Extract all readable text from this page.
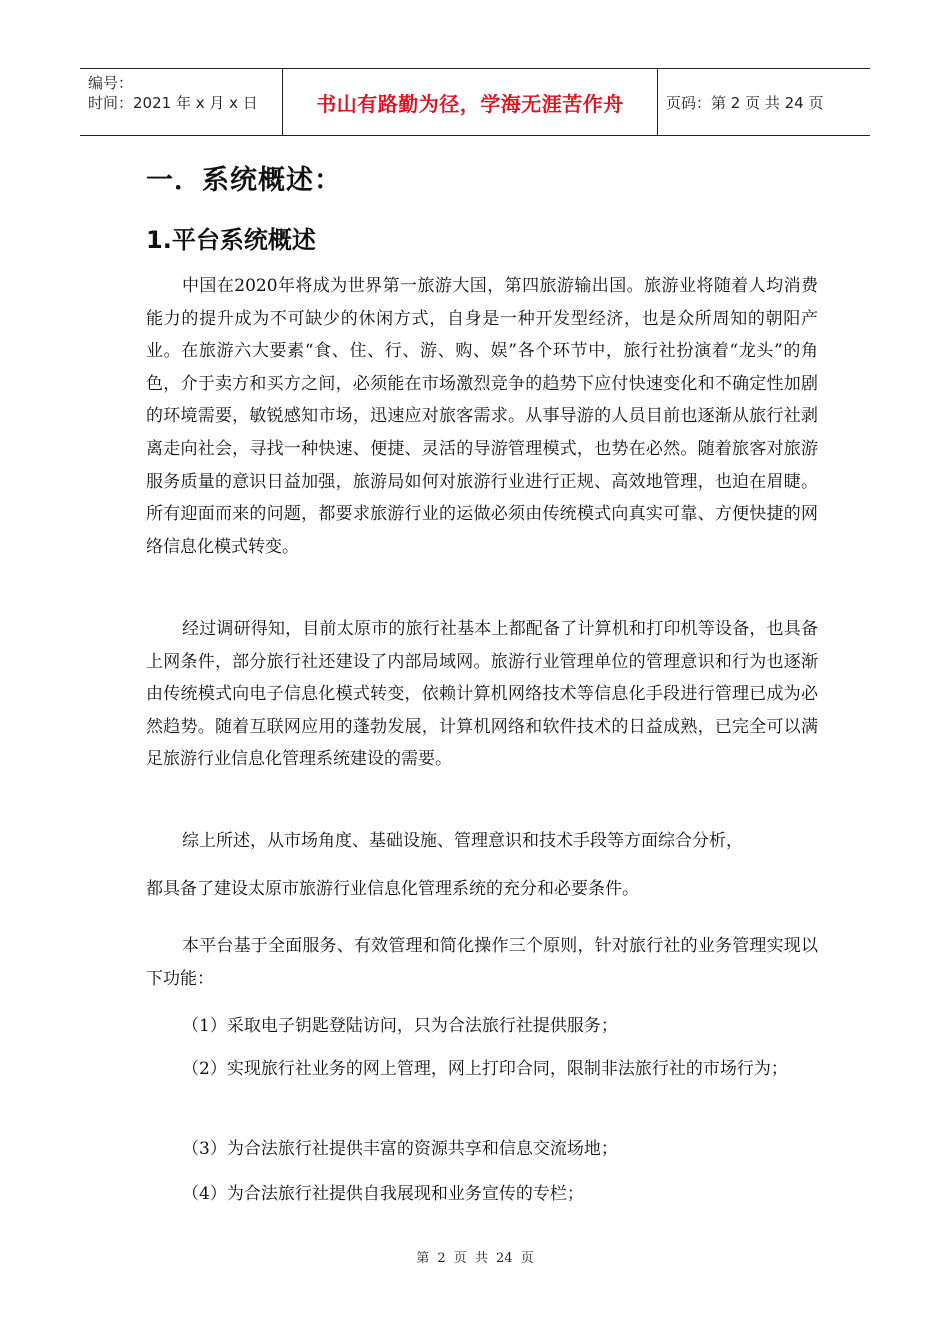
编号：
时间：2021 年 x 月 x 日	书山有路勤为径，学海无涯苦作舟	页码：第 2 页 共 24 页
一．系统概述：
1.平台系统概述

中国在2020年将成为世界第一旅游大国，第四旅游输出国。旅游业将随着人均消费能力的提升成为不可缺少的休闲方式，自身是一种开发型经济，也是众所周知的朝阳产业。在旅游六大要素“食、住、行、游、购、娱”各个环节中，旅行社扮演着“龙头”的角色，介于卖方和买方之间，必须能在市场激烈竞争的趋势下应付快速变化和不确定性加剧的环境需要，敏锐感知市场，迅速应对旅客需求。从事导游的人员目前也逐渐从旅行社剥离走向社会，寻找一种快速、便捷、灵活的导游管理模式，也势在必然。随着旅客对旅游服务质量的意识日益加强，旅游局如何对旅游行业进行正规、高效地管理，也迫在眉睫。所有迎面而来的问题，都要求旅游行业的运做必须由传统模式向真实可靠、方便快捷的网络信息化模式转变。

经过调研得知，目前太原市的旅行社基本上都配备了计算机和打印机等设备，也具备上网条件，部分旅行社还建设了内部局域网。旅游行业管理单位的管理意识和行为也逐渐由传统模式向电子信息化模式转变，依赖计算机网络技术等信息化手段进行管理已成为必然趋势。随着互联网应用的蓬勃发展，计算机网络和软件技术的日益成熟，已完全可以满足旅游行业信息化管理系统建设的需要。

综上所述，从市场角度、基础设施、管理意识和技术手段等方面综合分析，

都具备了建设太原市旅游行业信息化管理系统的充分和必要条件。

本平台基于全面服务、有效管理和简化操作三个原则，针对旅行社的业务管理实现以下功能：

（1）采取电子钥匙登陆访问，只为合法旅行社提供服务；

（2）实现旅行社业务的网上管理，网上打印合同，限制非法旅行社的市场行为；

（3）为合法旅行社提供丰富的资源共享和信息交流场地；

（4）为合法旅行社提供自我展现和业务宣传的专栏；

第 2 页 共 24 页
